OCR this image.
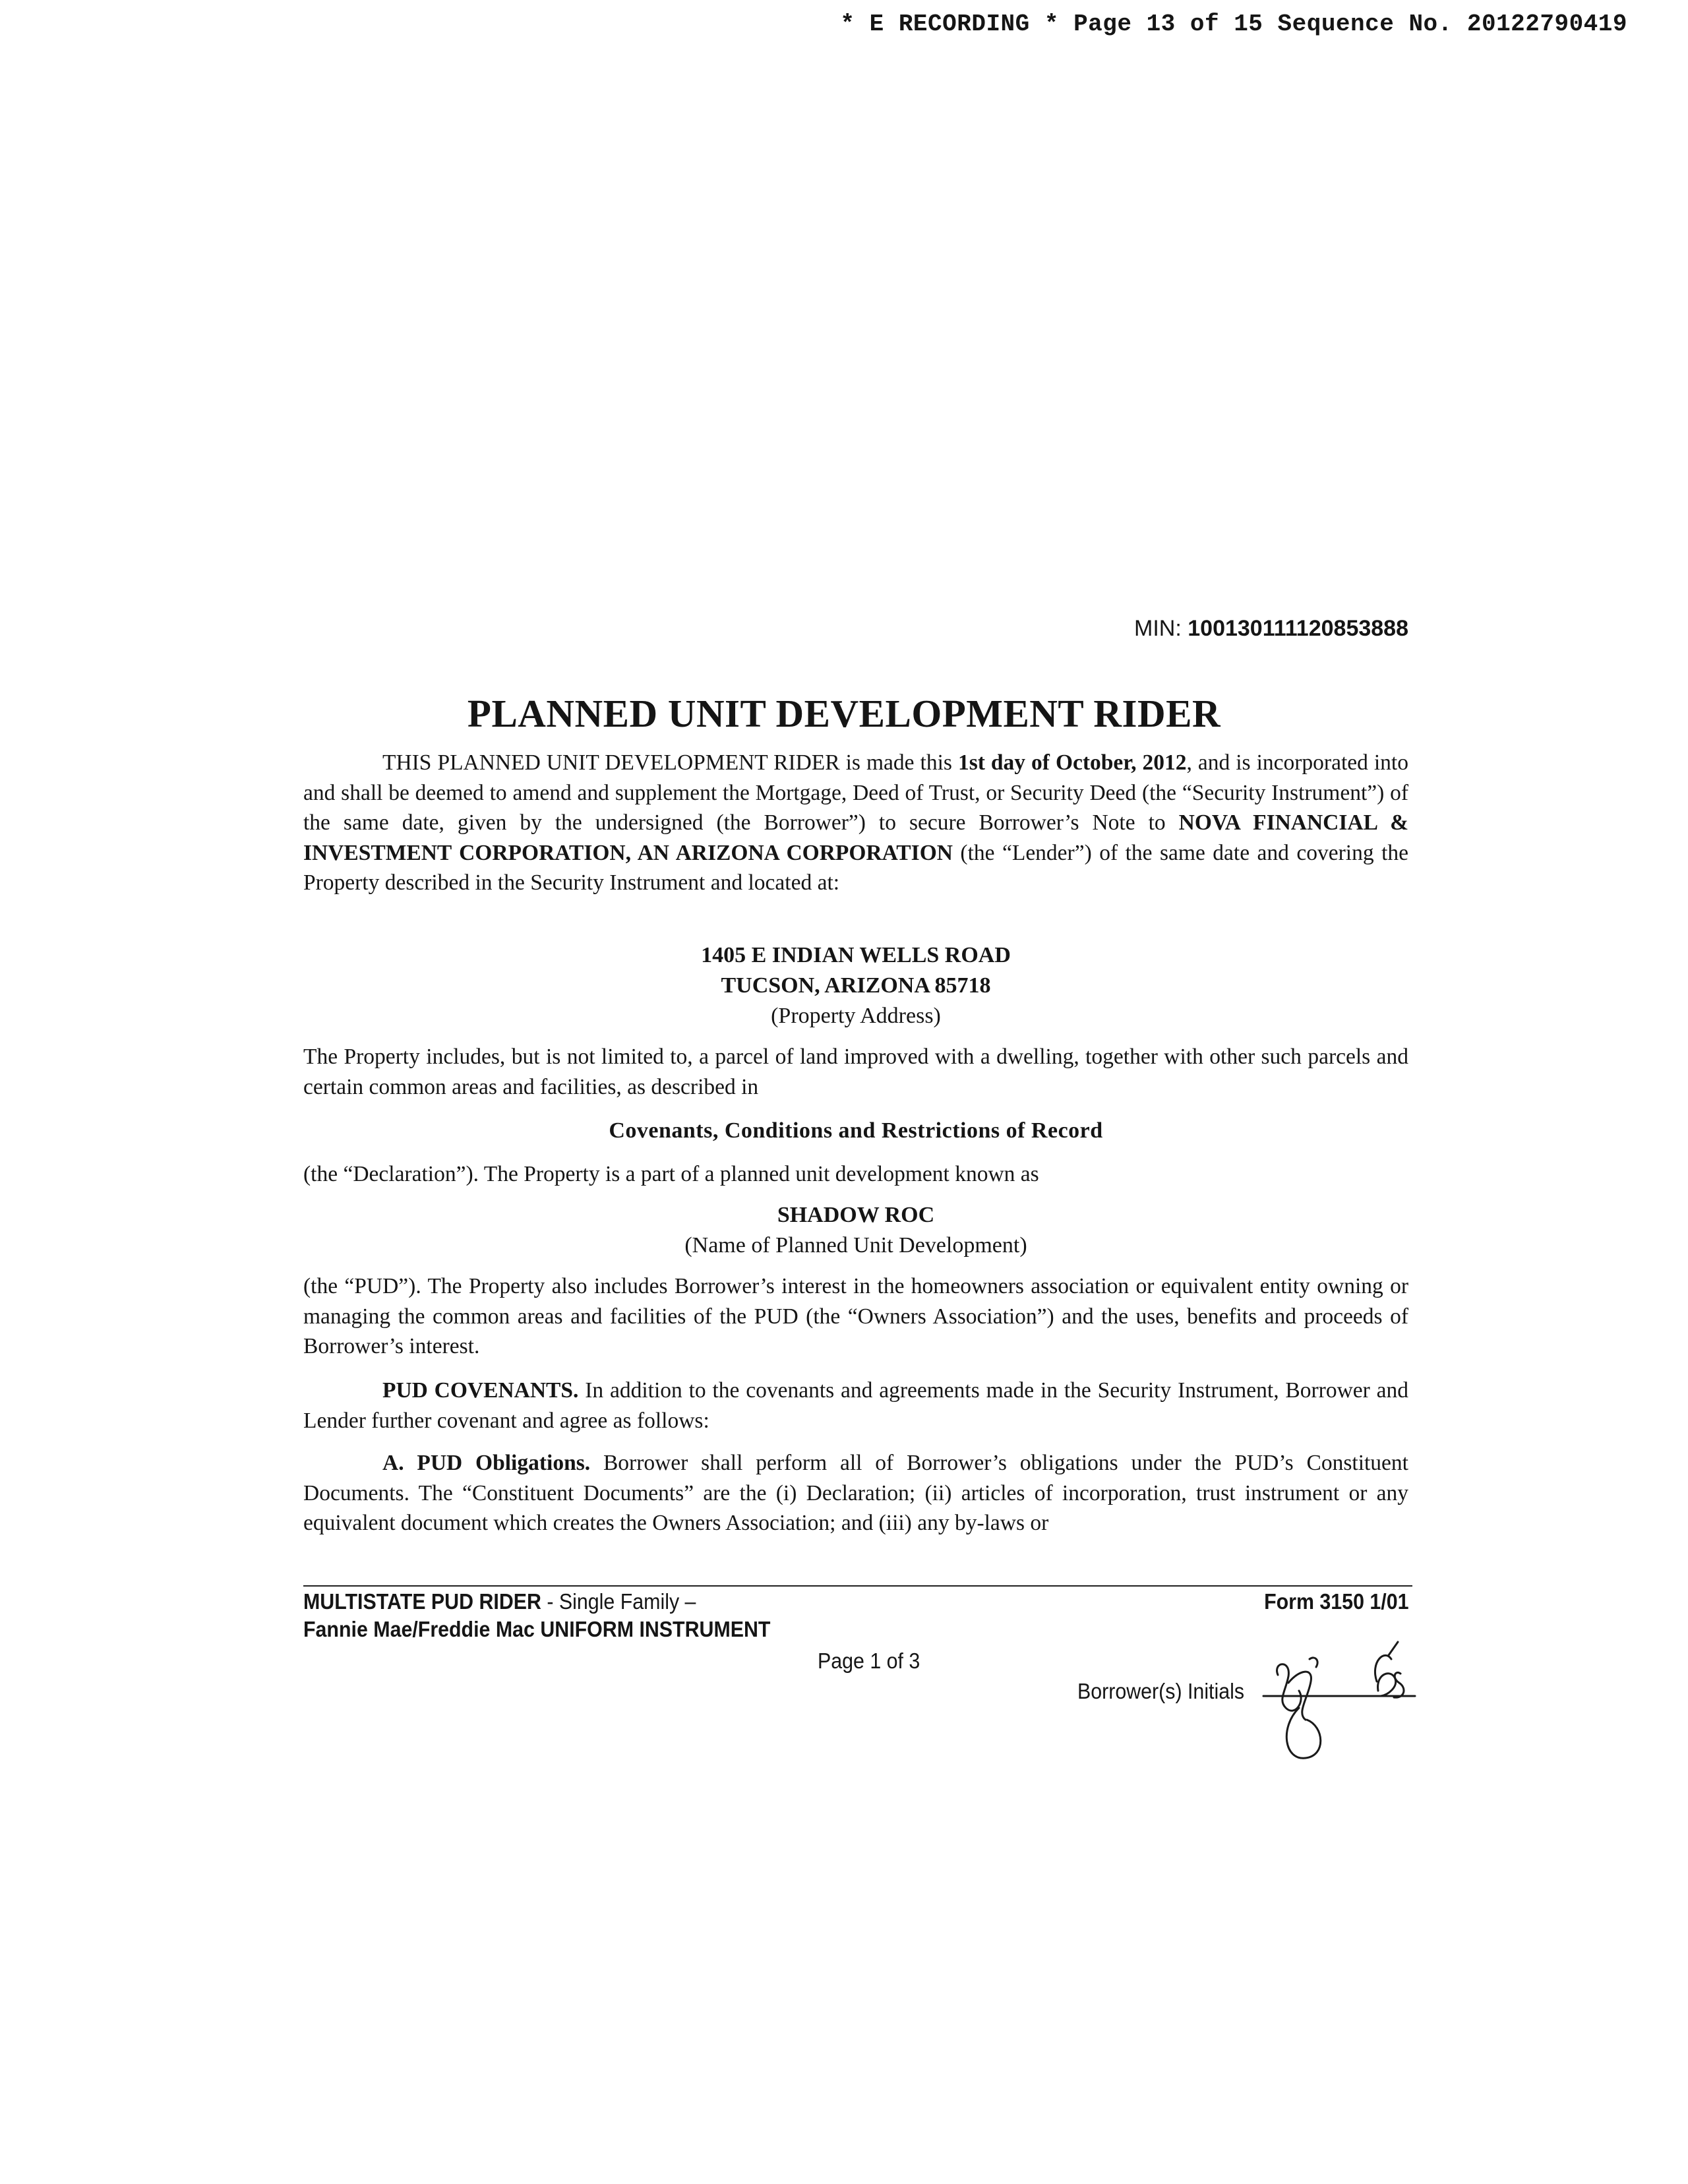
* E RECORDING * Page 13 of 15 Sequence No. 20122790419
MIN: 100130111120853888
PLANNED UNIT DEVELOPMENT RIDER
THIS PLANNED UNIT DEVELOPMENT RIDER is made this 1st day of October, 2012, and is incorporated into and shall be deemed to amend and supplement the Mortgage, Deed of Trust, or Security Deed (the “Security Instrument”) of the same date, given by the undersigned (the Borrower”) to secure Borrower’s Note to NOVA FINANCIAL & INVESTMENT CORPORATION, AN ARIZONA CORPORATION (the “Lender”) of the same date and covering the Property described in the Security Instrument and located at:
1405 E INDIAN WELLS ROAD
TUCSON, ARIZONA 85718
(Property Address)
The Property includes, but is not limited to, a parcel of land improved with a dwelling, together with other such parcels and certain common areas and facilities, as described in
Covenants, Conditions and Restrictions of Record
(the “Declaration”). The Property is a part of a planned unit development known as
SHADOW ROC
(Name of Planned Unit Development)
(the “PUD”). The Property also includes Borrower’s interest in the homeowners association or equivalent entity owning or managing the common areas and facilities of the PUD (the “Owners Association”) and the uses, benefits and proceeds of Borrower’s interest.
PUD COVENANTS. In addition to the covenants and agreements made in the Security Instrument, Borrower and Lender further covenant and agree as follows:
A. PUD Obligations. Borrower shall perform all of Borrower’s obligations under the PUD’s Constituent Documents. The “Constituent Documents” are the (i) Declaration; (ii) articles of incorporation, trust instrument or any equivalent document which creates the Owners Association; and (iii) any by-laws or
MULTISTATE PUD RIDER - Single Family –
Fannie Mae/Freddie Mac UNIFORM INSTRUMENT
Form 3150 1/01
Page 1 of 3
Borrower(s) Initials
